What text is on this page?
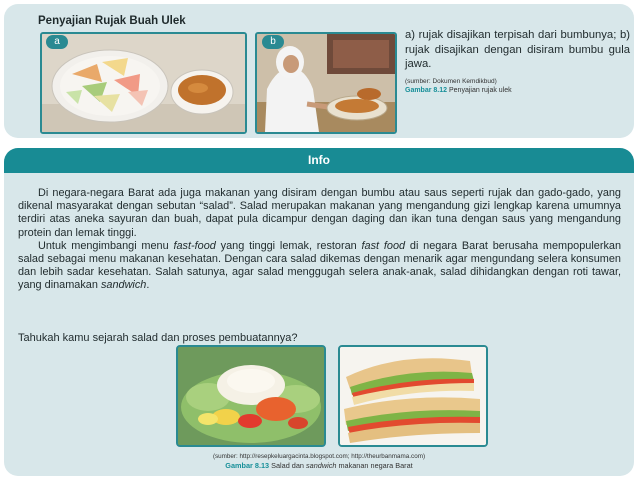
Penyajian Rujak Buah Ulek
a	b

a) rujak disajikan terpisah dari bumbunya; b) rujak disajikan dengan disiram bumbu gula jawa.

(sumber: Dokumen Kemdikbud)
Gambar 8.12 Penyajian rujak ulek
Info

Di negara-negara Barat ada juga makanan yang disiram dengan bumbu atau saus seperti rujak dan gado-gado, yang dikenal masyarakat dengan sebutan “salad”. Salad merupakan makanan yang mengandung gizi lengkap karena umumnya terdiri atas aneka sayuran dan buah, dapat pula dicampur dengan daging dan ikan tuna dengan saus yang mengandung protein dan lemak tinggi.

Untuk mengimbangi menu fast-food yang tinggi lemak, restoran fast food di negara Barat berusaha mempopulerkan salad sebagai menu makanan kesehatan. Dengan cara salad dikemas dengan menarik agar mengundang selera konsumen dan lebih sadar kesehatan. Salah satunya, agar salad menggugah selera anak-anak, salad dihidangkan dengan roti tawar, yang dinamakan sandwich.

Tahukah kamu sejarah salad dan proses pembuatannya?
(sumber: http://resepkeluargacinta.blogspot.com; http://theurbanmama.com)
Gambar 8.13 Salad dan sandwich makanan negara Barat
